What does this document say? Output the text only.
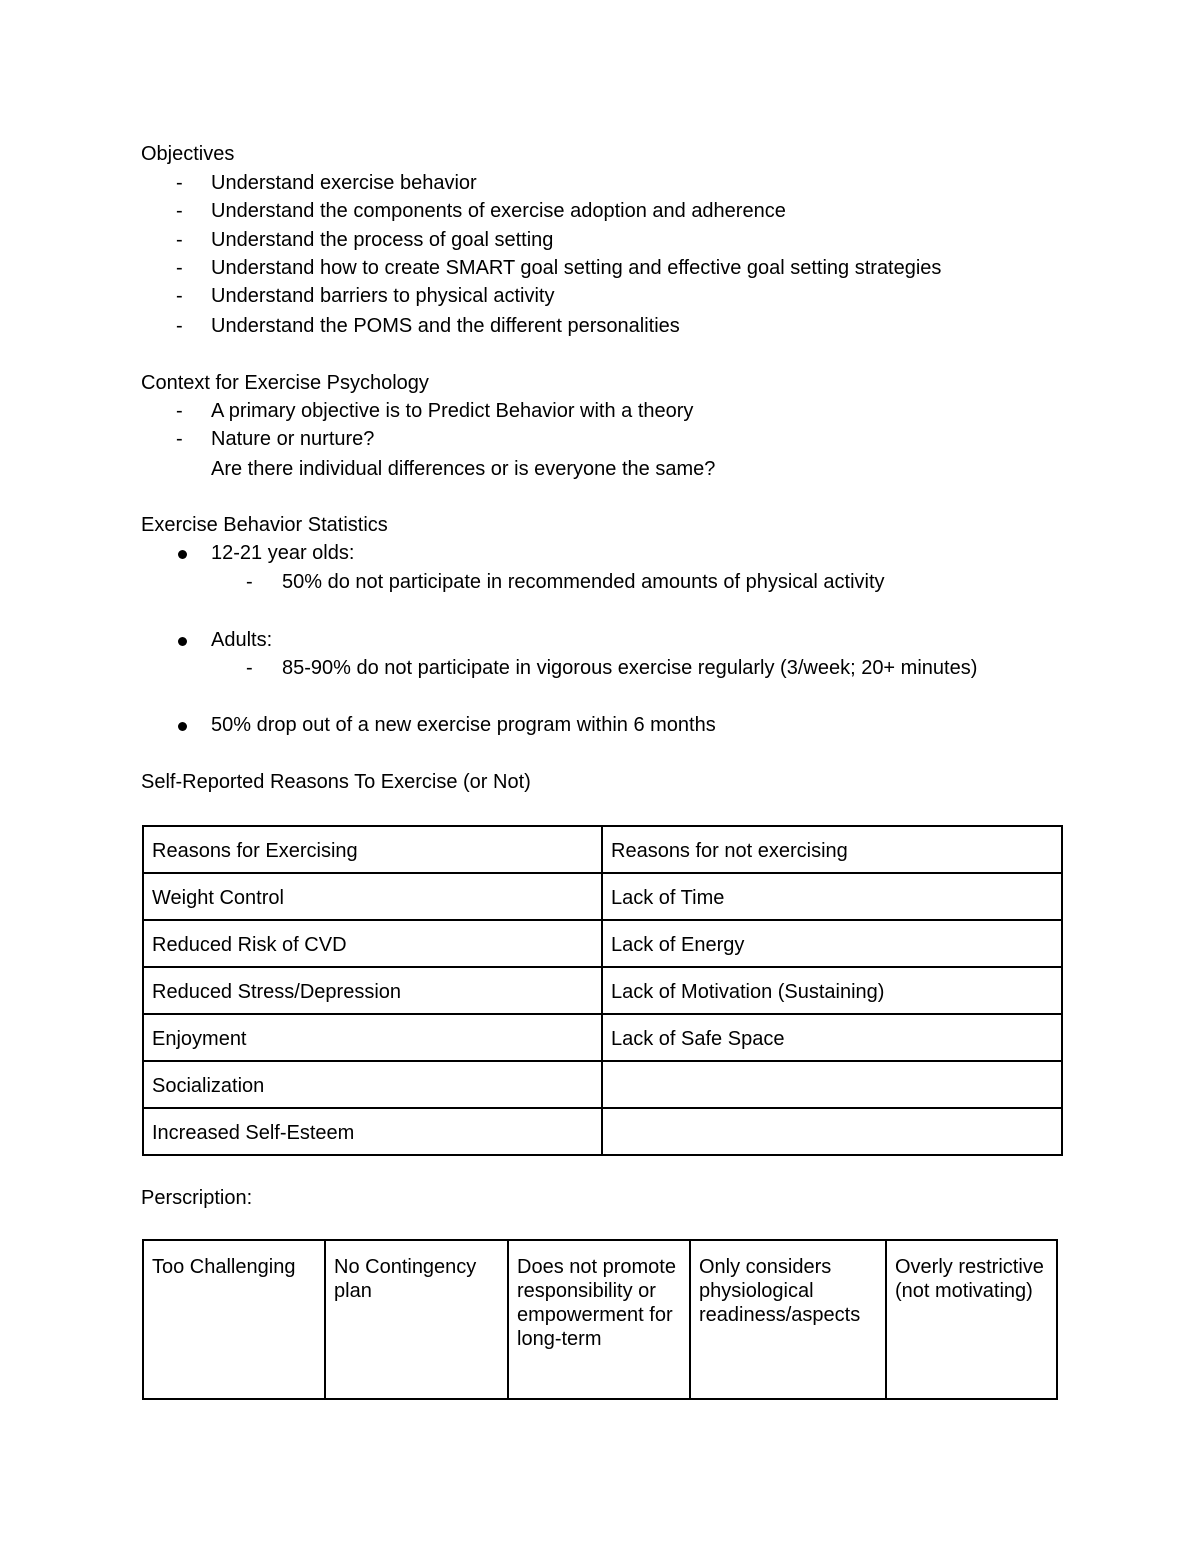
Objectives
- Understand exercise behavior
- Understand the components of exercise adoption and adherence
- Understand the process of goal setting
- Understand how to create SMART goal setting and effective goal setting strategies
- Understand barriers to physical activity
- Understand the POMS and the different personalities
Context for Exercise Psychology
- A primary objective is to Predict Behavior with a theory
- Nature or nurture?
Are there individual differences or is everyone the same?
Exercise Behavior Statistics
12-21 year olds:
- 50% do not participate in recommended amounts of physical activity
Adults:
- 85-90% do not participate in vigorous exercise regularly (3/week; 20+ minutes)
50% drop out of a new exercise program within 6 months
Self-Reported Reasons To Exercise (or Not)
Reasons for Exercising	Reasons for not exercising
Weight Control	Lack of Time
Reduced Risk of CVD	Lack of Energy
Reduced Stress/Depression	Lack of Motivation (Sustaining)
Enjoyment	Lack of Safe Space
Socialization	
Increased Self-Esteem	
Perscription:
Too Challenging	No Contingency plan	Does not promote responsibility or empowerment for long-term	Only considers physiological readiness/aspects	Overly restrictive (not motivating)
